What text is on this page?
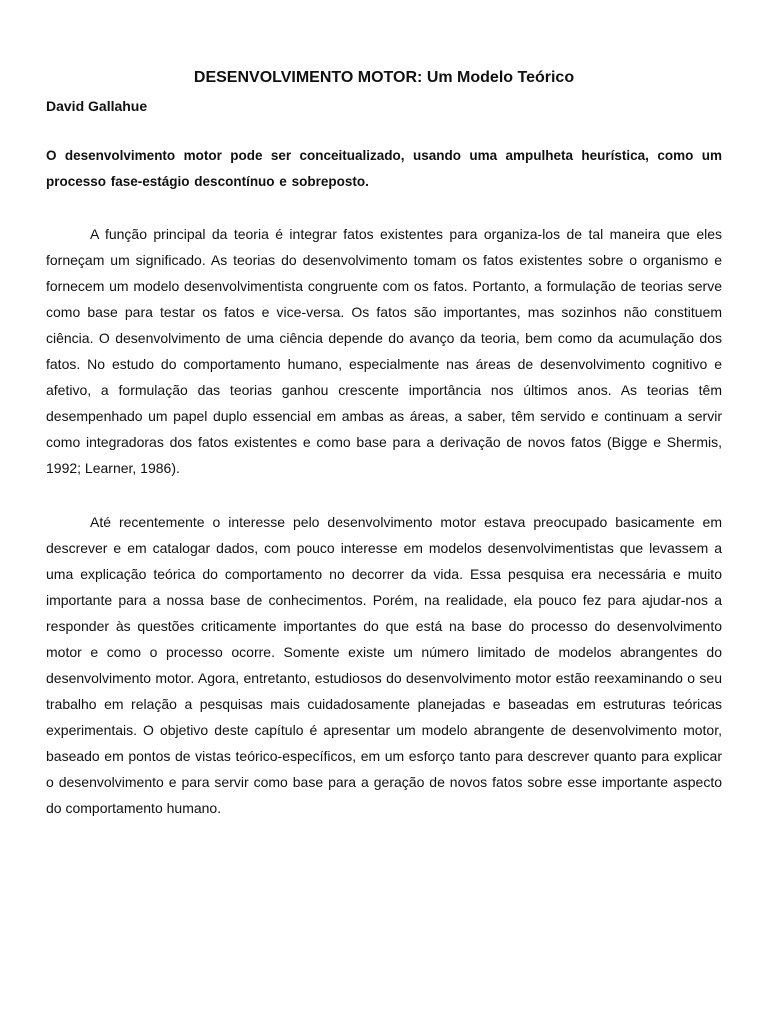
DESENVOLVIMENTO MOTOR: Um Modelo Teórico

David Gallahue

O desenvolvimento motor pode ser conceitualizado, usando uma ampulheta heurística, como um processo fase-estágio descontínuo e sobreposto.

A função principal da teoria é integrar fatos existentes para organiza-los de tal maneira que eles forneçam um significado. As teorias do desenvolvimento tomam os fatos existentes sobre o organismo e fornecem um modelo desenvolvimentista congruente com os fatos. Portanto, a formulação de teorias serve como base para testar os fatos e vice-versa. Os fatos são importantes, mas sozinhos não constituem ciência. O desenvolvimento de uma ciência depende do avanço da teoria, bem como da acumulação dos fatos. No estudo do comportamento humano, especialmente nas áreas de desenvolvimento cognitivo e afetivo, a formulação das teorias ganhou crescente importância nos últimos anos. As teorias têm desempenhado um papel duplo essencial em ambas as áreas, a saber, têm servido e continuam a servir como integradoras dos fatos existentes e como base para a derivação de novos fatos (Bigge e Shermis, 1992; Learner, 1986).

Até recentemente o interesse pelo desenvolvimento motor estava preocupado basicamente em descrever e em catalogar dados, com pouco interesse em modelos desenvolvimentistas que levassem a uma explicação teórica do comportamento no decorrer da vida. Essa pesquisa era necessária e muito importante para a nossa base de conhecimentos. Porém, na realidade, ela pouco fez para ajudar-nos a responder às questões criticamente importantes do que está na base do processo do desenvolvimento motor e como o processo ocorre. Somente existe um número limitado de modelos abrangentes do desenvolvimento motor. Agora, entretanto, estudiosos do desenvolvimento motor estão reexaminando o seu trabalho em relação a pesquisas mais cuidadosamente planejadas e baseadas em estruturas teóricas experimentais. O objetivo deste capítulo é apresentar um modelo abrangente de desenvolvimento motor, baseado em pontos de vistas teórico-específicos, em um esforço tanto para descrever quanto para explicar o desenvolvimento e para servir como base para a geração de novos fatos sobre esse importante aspecto do comportamento humano.
